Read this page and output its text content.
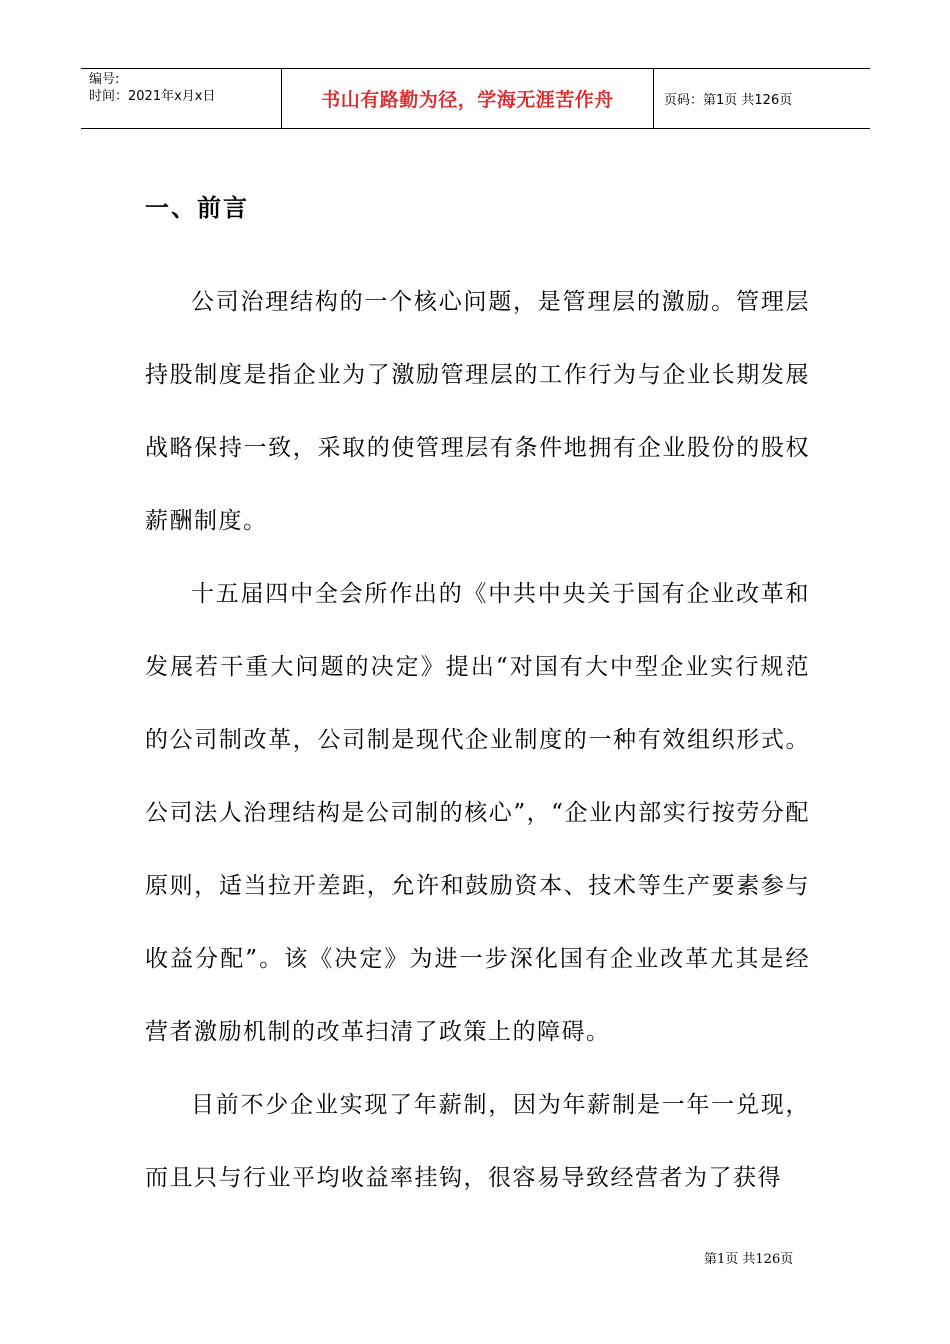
编号:
时间：2021年x月x日	书山有路勤为径，学海无涯苦作舟	页码：第1页 共126页
一、前言

公司治理结构的一个核心问题，是管理层的激励。管理层持股制度是指企业为了激励管理层的工作行为与企业长期发展战略保持一致，采取的使管理层有条件地拥有企业股份的股权薪酬制度。

十五届四中全会所作出的《中共中央关于国有企业改革和发展若干重大问题的决定》提出“对国有大中型企业实行规范的公司制改革，公司制是现代企业制度的一种有效组织形式。公司法人治理结构是公司制的核心”，“企业内部实行按劳分配原则，适当拉开差距，允许和鼓励资本、技术等生产要素参与收益分配”。该《决定》为进一步深化国有企业改革尤其是经营者激励机制的改革扫清了政策上的障碍。

目前不少企业实现了年薪制，因为年薪制是一年一兑现，而且只与行业平均收益率挂钩，很容易导致经营者为了获得

第1页 共126页
